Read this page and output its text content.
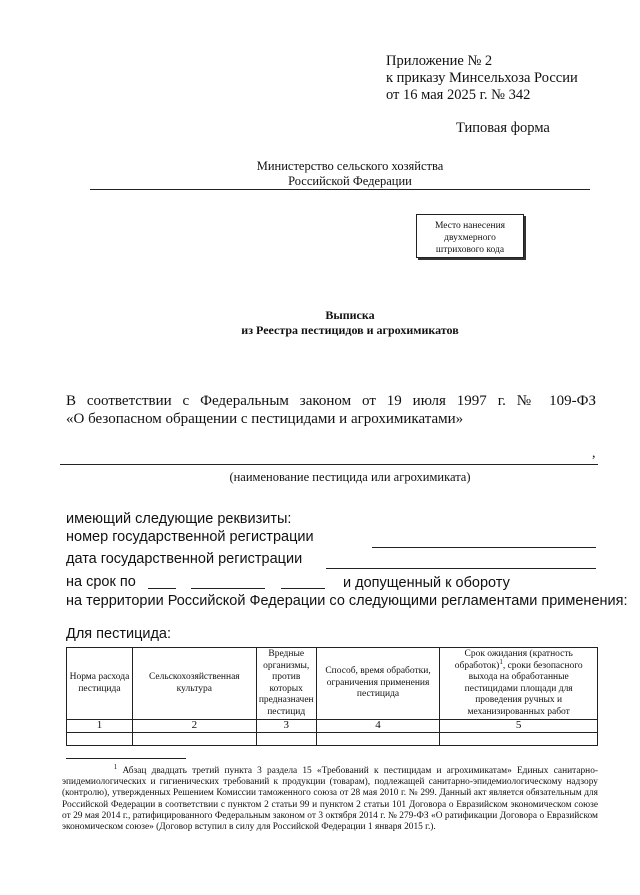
Приложение № 2
к приказу Минсельхоза России
от 16 мая 2025 г. № 342
Типовая форма
Министерство сельского хозяйства
Российской Федерации
Место нанесения
двухмерного
штрихового кода
Выписка
из Реестра пестицидов и агрохимикатов
В соответствии с Федеральным законом от 19 июля 1997 г. № 109-ФЗ
«О безопасном обращении с пестицидами и агрохимикатами»
,
(наименование пестицида или агрохимиката)
имеющий следующие реквизиты:
номер государственной регистрации
дата государственной регистрации
на срок по	и допущенный к обороту
на территории Российской Федерации со следующими регламентами применения:
Для пестицида:
Норма расхода пестицида	Сельскохозяйственная культура	Вредные организмы, против которых предназначен пестицид	Способ, время обработки, ограничения применения пестицида	Срок ожидания (кратность обработок)$^1$, сроки безопасного выхода на обработанные пестицидами площади для проведения ручных и механизированных работ
1	2	3	4	5

$^1$ Абзац двадцать третий пункта 3 раздела 15 «Требований к пестицидам и агрохимикатам» Единых санитарно-эпидемиологических и гигиенических требований к продукции (товарам), подлежащей санитарно-эпидемиологическому надзору (контролю), утвержденных Решением Комиссии таможенного союза от 28 мая 2010 г. № 299. Данный акт является обязательным для Российской Федерации в соответствии с пунктом 2 статьи 99 и пунктом 2 статьи 101 Договора о Евразийском экономическом союзе от 29 мая 2014 г., ратифицированного Федеральным законом от 3 октября 2014 г. № 279-ФЗ «О ратификации Договора о Евразийском экономическом союзе» (Договор вступил в силу для Российской Федерации 1 января 2015 г.).
